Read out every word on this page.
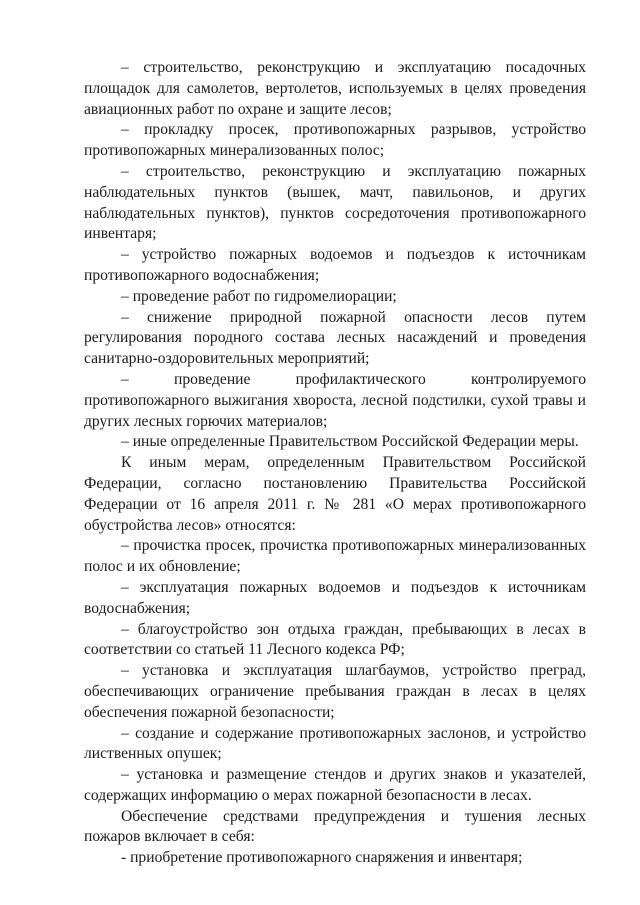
– строительство, реконструкцию и эксплуатацию посадочных площадок для самолетов, вертолетов, используемых в целях проведения авиационных работ по охране и защите лесов;

– прокладку просек, противопожарных разрывов, устройство противопожарных минерализованных полос;

– строительство, реконструкцию и эксплуатацию пожарных наблюдательных пунктов (вышек, мачт, павильонов, и других наблюдательных пунктов), пунктов сосредоточения противопожарного инвентаря;

– устройство пожарных водоемов и подъездов к источникам противопожарного водоснабжения;

– проведение работ по гидромелиорации;

– снижение природной пожарной опасности лесов путем регулирования породного состава лесных насаждений и проведения санитарно-оздоровительных мероприятий;

– проведение профилактического контролируемого противопожарного выжигания хвороста, лесной подстилки, сухой травы и других лесных горючих материалов;

– иные определенные Правительством Российской Федерации меры.

К иным мерам, определенным Правительством Российской Федерации, согласно постановлению Правительства Российской Федерации от 16 апреля 2011 г. № 281 «О мерах противопожарного обустройства лесов» относятся:

– прочистка просек, прочистка противопожарных минерализованных полос и их обновление;

– эксплуатация пожарных водоемов и подъездов к источникам водоснабжения;

– благоустройство зон отдыха граждан, пребывающих в лесах в соответствии со статьей 11 Лесного кодекса РФ;

– установка и эксплуатация шлагбаумов, устройство преград, обеспечивающих ограничение пребывания граждан в лесах в целях обеспечения пожарной безопасности;

– создание и содержание противопожарных заслонов, и устройство лиственных опушек;

– установка и размещение стендов и других знаков и указателей, содержащих информацию о мерах пожарной безопасности в лесах.

Обеспечение средствами предупреждения и тушения лесных пожаров включает в себя:

- приобретение противопожарного снаряжения и инвентаря;
